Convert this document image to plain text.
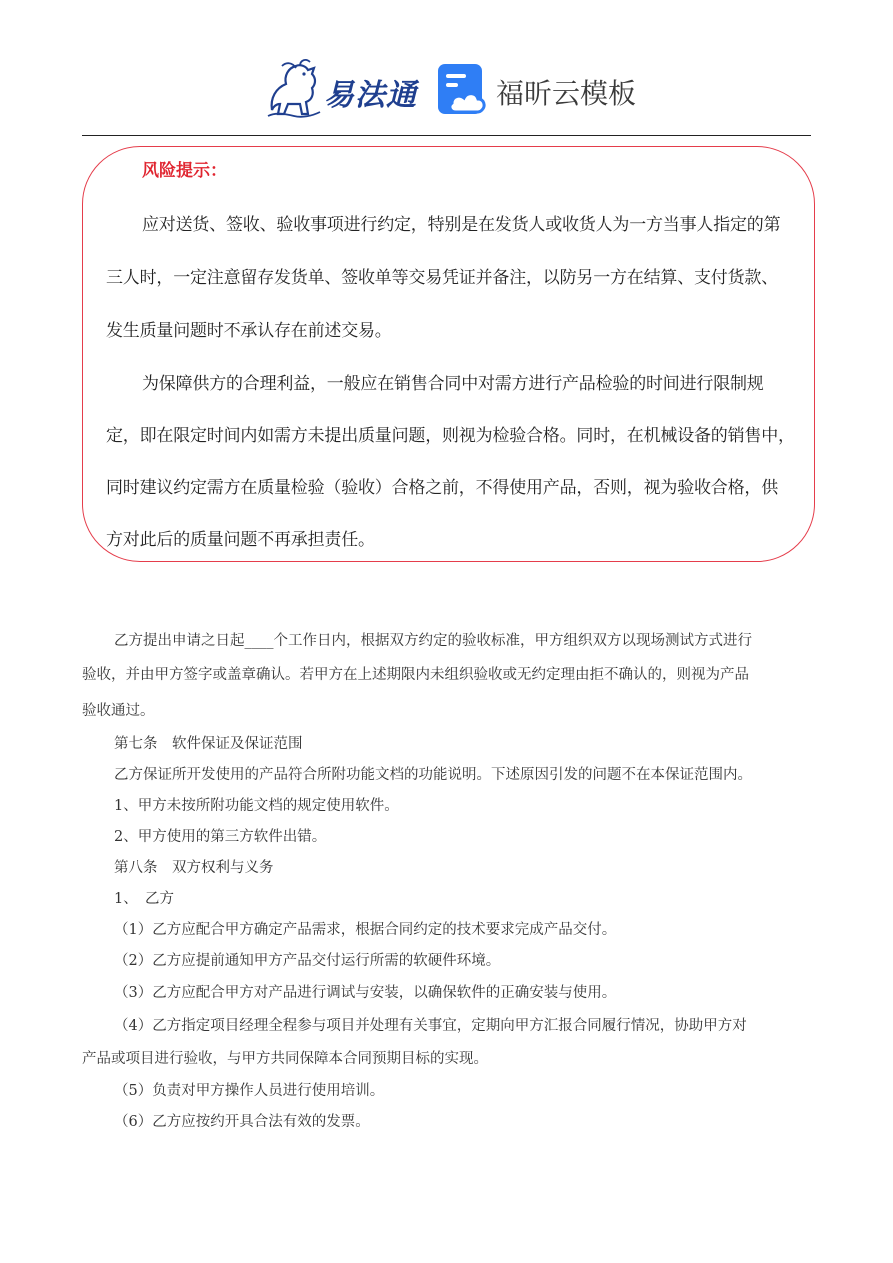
易法通	福昕云模板
风险提示：
应对送货、签收、验收事项进行约定，特别是在发货人或收货人为一方当事人指定的第
三人时，一定注意留存发货单、签收单等交易凭证并备注，以防另一方在结算、支付货款、
发生质量问题时不承认存在前述交易。
为保障供方的合理利益，一般应在销售合同中对需方进行产品检验的时间进行限制规
定，即在限定时间内如需方未提出质量问题，则视为检验合格。同时，在机械设备的销售中，
同时建议约定需方在质量检验（验收）合格之前，不得使用产品，否则，视为验收合格，供
方对此后的质量问题不再承担责任。
乙方提出申请之日起____个工作日内，根据双方约定的验收标准，甲方组织双方以现场测试方式进行
验收，并由甲方签字或盖章确认。若甲方在上述期限内未组织验收或无约定理由拒不确认的，则视为产品
验收通过。
第七条　软件保证及保证范围
乙方保证所开发使用的产品符合所附功能文档的功能说明。下述原因引发的问题不在本保证范围内。
1、甲方未按所附功能文档的规定使用软件。
2、甲方使用的第三方软件出错。
第八条　双方权利与义务
1、　乙方
（1）乙方应配合甲方确定产品需求，根据合同约定的技术要求完成产品交付。
（2）乙方应提前通知甲方产品交付运行所需的软硬件环境。
（3）乙方应配合甲方对产品进行调试与安装，以确保软件的正确安装与使用。
（4）乙方指定项目经理全程参与项目并处理有关事宜，定期向甲方汇报合同履行情况，协助甲方对
产品或项目进行验收，与甲方共同保障本合同预期目标的实现。
（5）负责对甲方操作人员进行使用培训。
（6）乙方应按约开具合法有效的发票。
